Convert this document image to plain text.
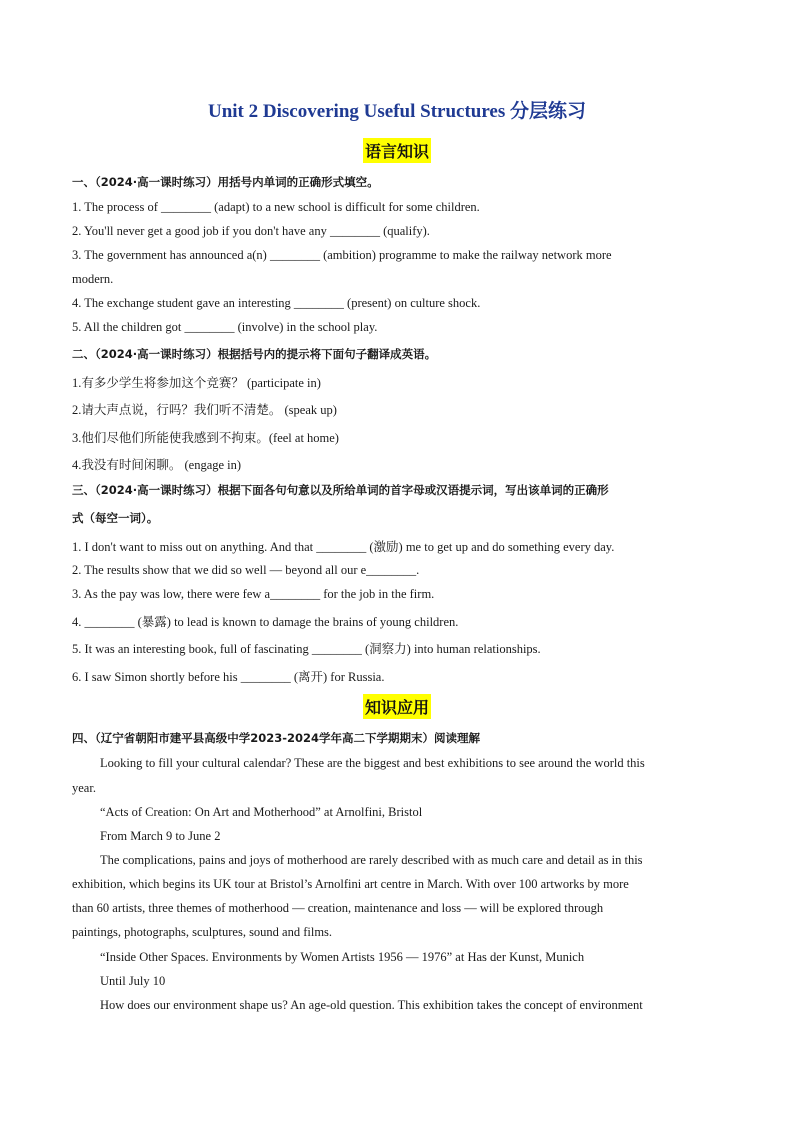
Unit 2 Discovering Useful Structures 分层练习
语言知识
一、（2024·高一课时练习）用括号内单词的正确形式填空。
1. The process of ________ (adapt) to a new school is difficult for some children.
2. You'll never get a good job if you don't have any ________ (qualify).
3. The government has announced a(n) ________ (ambition) programme to make the railway network more
modern.
4. The exchange student gave an interesting ________ (present) on culture shock.
5. All the children got ________ (involve) in the school play.
二、（2024·高一课时练习）根据括号内的提示将下面句子翻译成英语。
1.有多少学生将参加这个竞赛？ (participate in)
2.请大声点说，行吗？我们听不清楚。 (speak up)
3.他们尽他们所能使我感到不拘束。(feel at home)
4.我没有时间闲聊。 (engage in)
三、（2024·高一课时练习）根据下面各句句意以及所给单词的首字母或汉语提示词，写出该单词的正确形
式（每空一词）。
1. I don't want to miss out on anything. And that ________ (激励) me to get up and do something every day.
2. The results show that we did so well — beyond all our e________.
3. As the pay was low, there were few a________ for the job in the firm.
4. ________ (暴露) to lead is known to damage the brains of young children.
5. It was an interesting book, full of fascinating ________ (洞察力) into human relationships.
6. I saw Simon shortly before his ________ (离开) for Russia.
知识应用
四、（辽宁省朝阳市建平县高级中学2023-2024学年高二下学期期末）阅读理解
Looking to fill your cultural calendar? These are the biggest and best exhibitions to see around the world this
year.
“Acts of Creation: On Art and Motherhood” at Arnolfini, Bristol
From March 9 to June 2
The complications, pains and joys of motherhood are rarely described with as much care and detail as in this
exhibition, which begins its UK tour at Bristol’s Arnolfini art centre in March. With over 100 artworks by more
than 60 artists, three themes of motherhood — creation, maintenance and loss — will be explored through
paintings, photographs, sculptures, sound and films.
“Inside Other Spaces. Environments by Women Artists 1956 — 1976” at Has der Kunst, Munich
Until July 10
How does our environment shape us? An age-old question. This exhibition takes the concept of environment
